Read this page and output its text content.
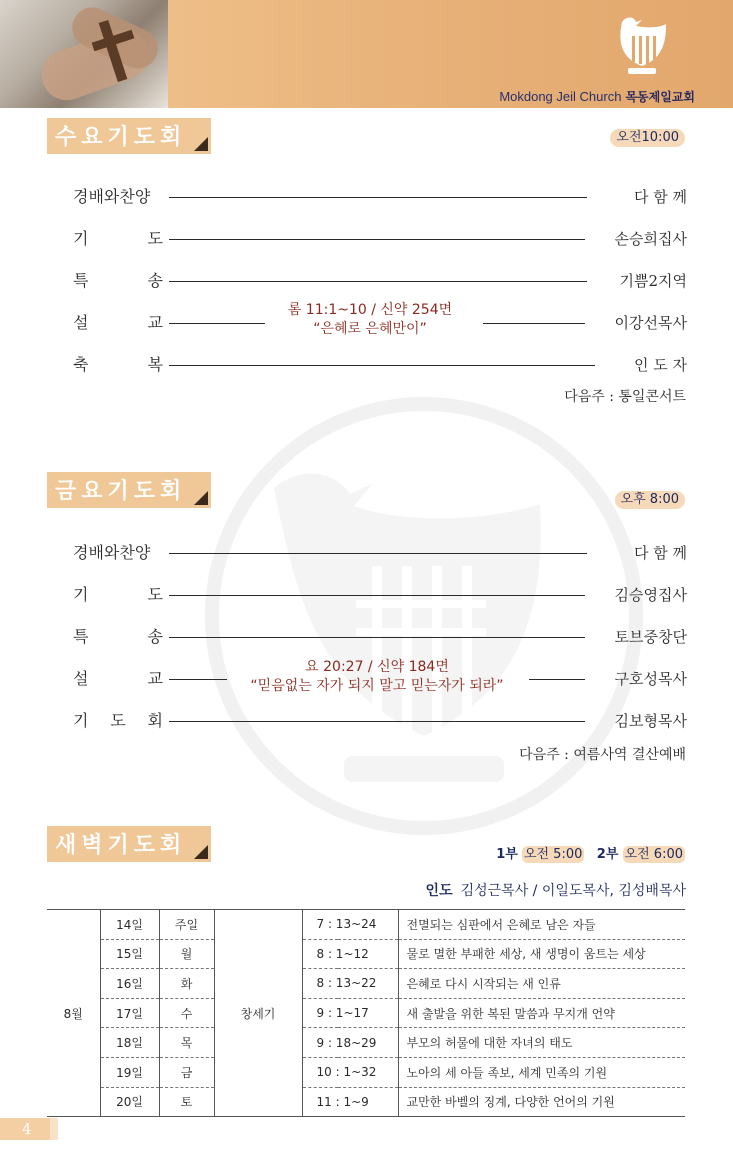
Mokdong Jeil Church 목동제일교회
수요기도회	오전10:00
경배와찬양	다 함 께
기	도	손승희집사
특	송	기쁨2지역
설	교	이강선목사
롬 11:1~10 / 신약 254면
“은혜로 은혜만이”
축	복	인 도 자
다음주 : 통일콘서트
금요기도회	오후 8:00
경배와찬양	다 함 께
기	도	김승영집사
특	송	토브중창단
설	교	구호성목사
요 20:27 / 신약 184면
“믿음없는 자가 되지 말고 믿는자가 되라”
기 도 회	김보형목사
다음주 : 여름사역 결산예배
새벽기도회	1부 오전 5:00 2부 오전 6:00
인도 김성근목사 / 이일도목사, 김성배목사
8월	14일	주일	창세기	7 : 13~24	전멸되는 심판에서 은혜로 남은 자들
	15일	월		8 : 1~12	물로 멸한 부패한 세상, 새 생명이 움트는 세상
	16일	화		8 : 13~22	은혜로 다시 시작되는 새 인류
	17일	수		9 : 1~17	새 출발을 위한 복된 말씀과 무지개 언약
	18일	목		9 : 18~29	부모의 허물에 대한 자녀의 태도
	19일	금		10 : 1~32	노아의 세 아들 족보, 세계 민족의 기원
	20일	토		11 : 1~9	교만한 바벨의 징계, 다양한 언어의 기원
4
